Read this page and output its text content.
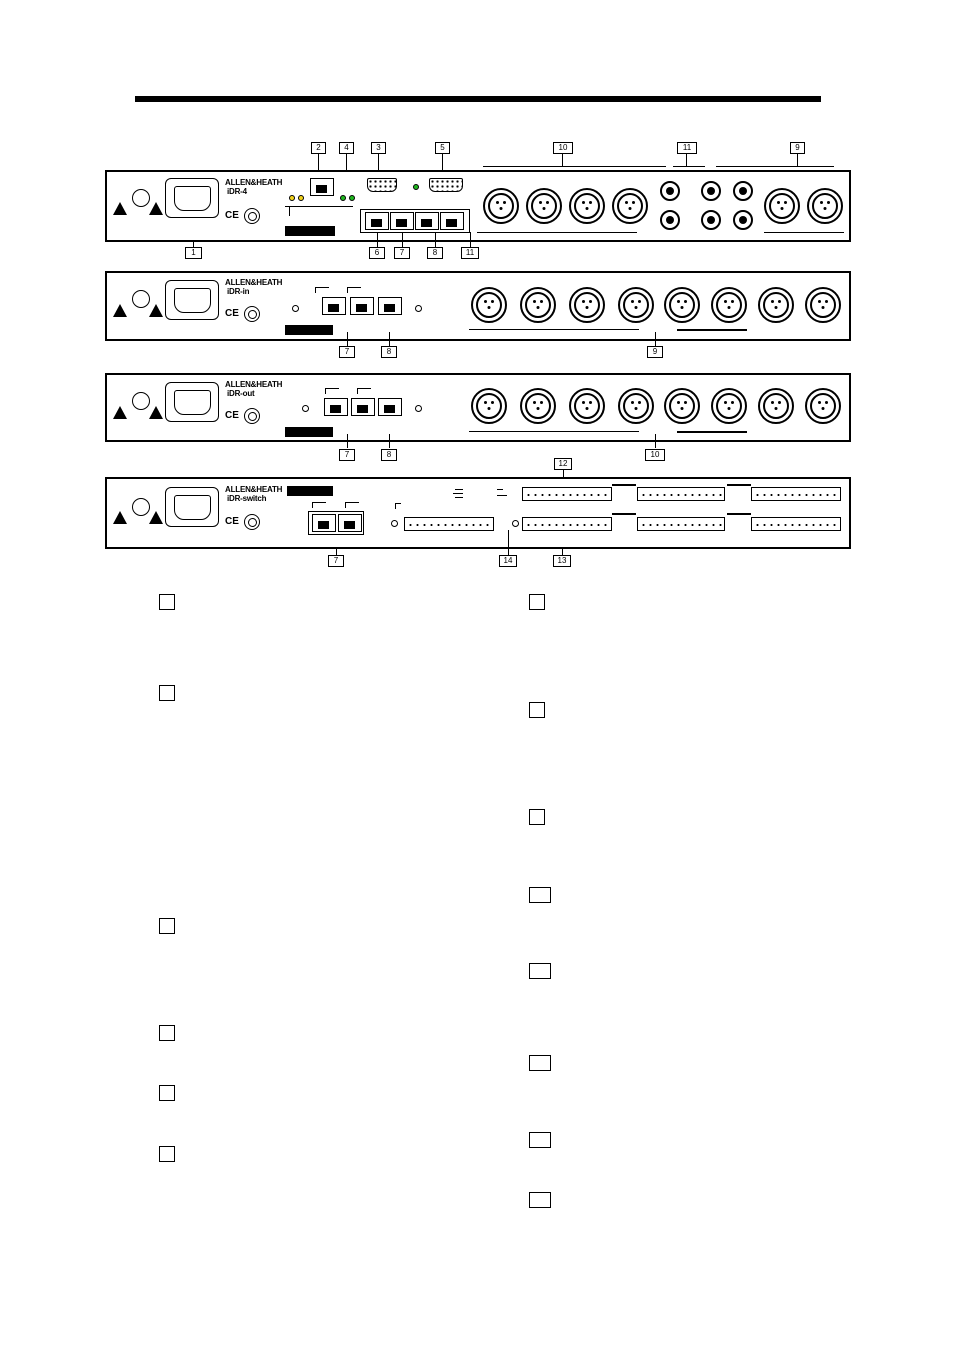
2	4	3	5	10	11	9
ALLEN&HEATH
iDR-4
CE
1	6	7	8	11
ALLEN&HEATH
iDR-in
CE
7	8	9
ALLEN&HEATH
iDR-out
CE
7	8	10
12
ALLEN&HEATH
iDR-switch
CE
7	14	13
